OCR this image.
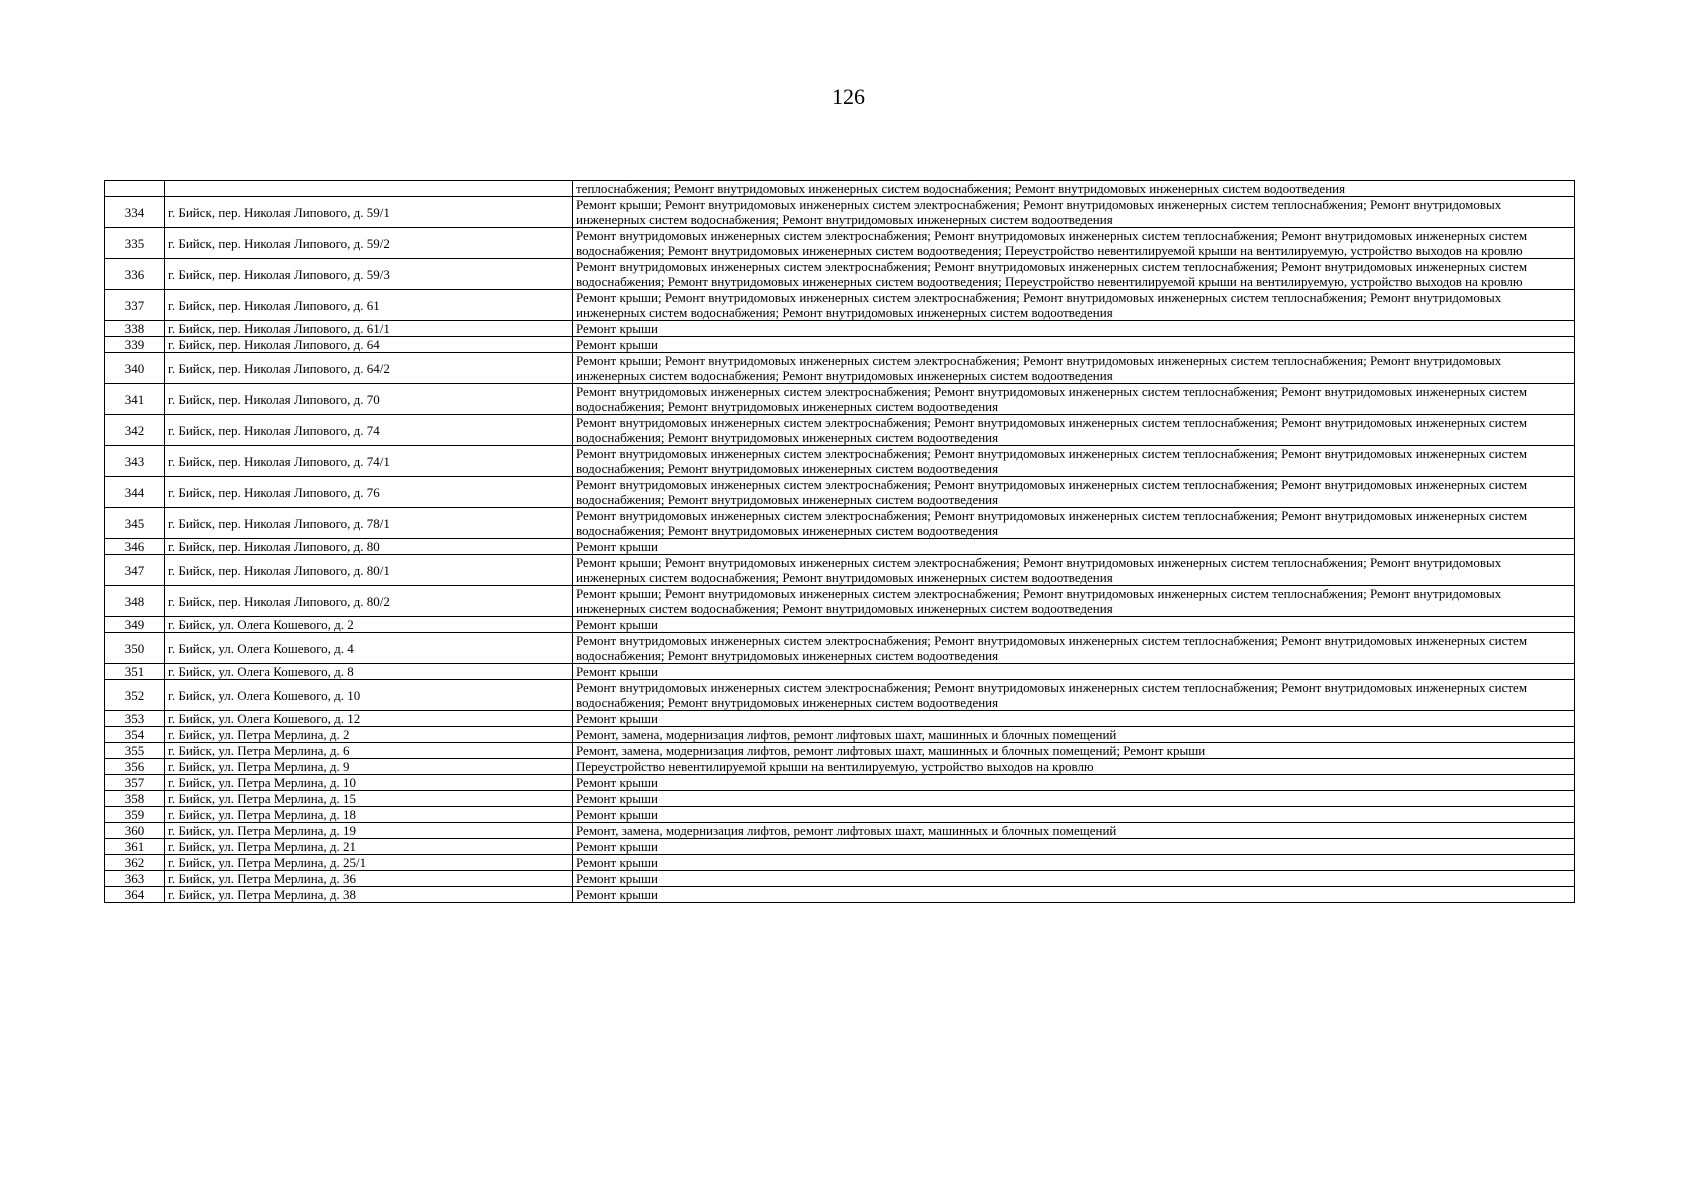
126
		теплоснабжения; Ремонт внутридомовых инженерных систем водоснабжения; Ремонт внутридомовых инженерных систем водоотведения
334	г. Бийск, пер. Николая Липового, д. 59/1	Ремонт крыши; Ремонт внутридомовых инженерных систем электроснабжения; Ремонт внутридомовых инженерных систем теплоснабжения; Ремонт внутридомовых инженерных систем водоснабжения; Ремонт внутридомовых инженерных систем водоотведения
335	г. Бийск, пер. Николая Липового, д. 59/2	Ремонт внутридомовых инженерных систем электроснабжения; Ремонт внутридомовых инженерных систем теплоснабжения; Ремонт внутридомовых инженерных систем водоснабжения; Ремонт внутридомовых инженерных систем водоотведения; Переустройство невентилируемой крыши на вентилируемую, устройство выходов на кровлю
336	г. Бийск, пер. Николая Липового, д. 59/3	Ремонт внутридомовых инженерных систем электроснабжения; Ремонт внутридомовых инженерных систем теплоснабжения; Ремонт внутридомовых инженерных систем водоснабжения; Ремонт внутридомовых инженерных систем водоотведения; Переустройство невентилируемой крыши на вентилируемую, устройство выходов на кровлю
337	г. Бийск, пер. Николая Липового, д. 61	Ремонт крыши; Ремонт внутридомовых инженерных систем электроснабжения; Ремонт внутридомовых инженерных систем теплоснабжения; Ремонт внутридомовых инженерных систем водоснабжения; Ремонт внутридомовых инженерных систем водоотведения
338	г. Бийск, пер. Николая Липового, д. 61/1	Ремонт крыши
339	г. Бийск, пер. Николая Липового, д. 64	Ремонт крыши
340	г. Бийск, пер. Николая Липового, д. 64/2	Ремонт крыши; Ремонт внутридомовых инженерных систем электроснабжения; Ремонт внутридомовых инженерных систем теплоснабжения; Ремонт внутридомовых инженерных систем водоснабжения; Ремонт внутридомовых инженерных систем водоотведения
341	г. Бийск, пер. Николая Липового, д. 70	Ремонт внутридомовых инженерных систем электроснабжения; Ремонт внутридомовых инженерных систем теплоснабжения; Ремонт внутридомовых инженерных систем водоснабжения; Ремонт внутридомовых инженерных систем водоотведения
342	г. Бийск, пер. Николая Липового, д. 74	Ремонт внутридомовых инженерных систем электроснабжения; Ремонт внутридомовых инженерных систем теплоснабжения; Ремонт внутридомовых инженерных систем водоснабжения; Ремонт внутридомовых инженерных систем водоотведения
343	г. Бийск, пер. Николая Липового, д. 74/1	Ремонт внутридомовых инженерных систем электроснабжения; Ремонт внутридомовых инженерных систем теплоснабжения; Ремонт внутридомовых инженерных систем водоснабжения; Ремонт внутридомовых инженерных систем водоотведения
344	г. Бийск, пер. Николая Липового, д. 76	Ремонт внутридомовых инженерных систем электроснабжения; Ремонт внутридомовых инженерных систем теплоснабжения; Ремонт внутридомовых инженерных систем водоснабжения; Ремонт внутридомовых инженерных систем водоотведения
345	г. Бийск, пер. Николая Липового, д. 78/1	Ремонт внутридомовых инженерных систем электроснабжения; Ремонт внутридомовых инженерных систем теплоснабжения; Ремонт внутридомовых инженерных систем водоснабжения; Ремонт внутридомовых инженерных систем водоотведения
346	г. Бийск, пер. Николая Липового, д. 80	Ремонт крыши
347	г. Бийск, пер. Николая Липового, д. 80/1	Ремонт крыши; Ремонт внутридомовых инженерных систем электроснабжения; Ремонт внутридомовых инженерных систем теплоснабжения; Ремонт внутридомовых инженерных систем водоснабжения; Ремонт внутридомовых инженерных систем водоотведения
348	г. Бийск, пер. Николая Липового, д. 80/2	Ремонт крыши; Ремонт внутридомовых инженерных систем электроснабжения; Ремонт внутридомовых инженерных систем теплоснабжения; Ремонт внутридомовых инженерных систем водоснабжения; Ремонт внутридомовых инженерных систем водоотведения
349	г. Бийск, ул. Олега Кошевого, д. 2	Ремонт крыши
350	г. Бийск, ул. Олега Кошевого, д. 4	Ремонт внутридомовых инженерных систем электроснабжения; Ремонт внутридомовых инженерных систем теплоснабжения; Ремонт внутридомовых инженерных систем водоснабжения; Ремонт внутридомовых инженерных систем водоотведения
351	г. Бийск, ул. Олега Кошевого, д. 8	Ремонт крыши
352	г. Бийск, ул. Олега Кошевого, д. 10	Ремонт внутридомовых инженерных систем электроснабжения; Ремонт внутридомовых инженерных систем теплоснабжения; Ремонт внутридомовых инженерных систем водоснабжения; Ремонт внутридомовых инженерных систем водоотведения
353	г. Бийск, ул. Олега Кошевого, д. 12	Ремонт крыши
354	г. Бийск, ул. Петра Мерлина, д. 2	Ремонт, замена, модернизация лифтов, ремонт лифтовых шахт, машинных и блочных помещений
355	г. Бийск, ул. Петра Мерлина, д. 6	Ремонт, замена, модернизация лифтов, ремонт лифтовых шахт, машинных и блочных помещений; Ремонт крыши
356	г. Бийск, ул. Петра Мерлина, д. 9	Переустройство невентилируемой крыши на вентилируемую, устройство выходов на кровлю
357	г. Бийск, ул. Петра Мерлина, д. 10	Ремонт крыши
358	г. Бийск, ул. Петра Мерлина, д. 15	Ремонт крыши
359	г. Бийск, ул. Петра Мерлина, д. 18	Ремонт крыши
360	г. Бийск, ул. Петра Мерлина, д. 19	Ремонт, замена, модернизация лифтов, ремонт лифтовых шахт, машинных и блочных помещений
361	г. Бийск, ул. Петра Мерлина, д. 21	Ремонт крыши
362	г. Бийск, ул. Петра Мерлина, д. 25/1	Ремонт крыши
363	г. Бийск, ул. Петра Мерлина, д. 36	Ремонт крыши
364	г. Бийск, ул. Петра Мерлина, д. 38	Ремонт крыши
